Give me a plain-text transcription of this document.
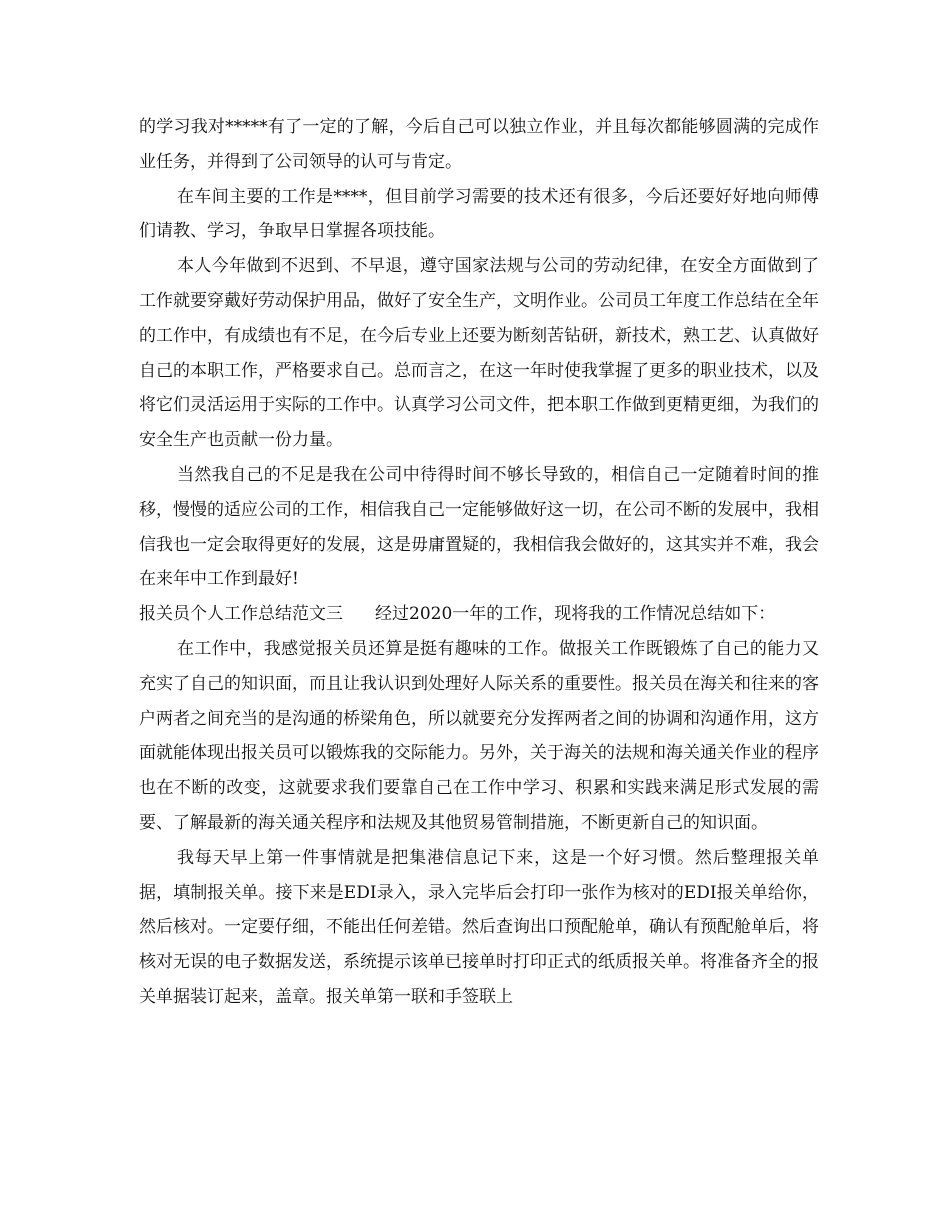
的学习我对*****有了一定的了解，今后自己可以独立作业，并且每次都能够圆满的完成作业任务，并得到了公司领导的认可与肯定。

在车间主要的工作是****，但目前学习需要的技术还有很多，今后还要好好地向师傅们请教、学习，争取早日掌握各项技能。

本人今年做到不迟到、不早退，遵守国家法规与公司的劳动纪律，在安全方面做到了工作就要穿戴好劳动保护用品，做好了安全生产，文明作业。公司员工年度工作总结在全年的工作中，有成绩也有不足，在今后专业上还要为断刻苦钻研，新技术，熟工艺、认真做好自己的本职工作，严格要求自己。总而言之，在这一年时使我掌握了更多的职业技术，以及将它们灵活运用于实际的工作中。认真学习公司文件，把本职工作做到更精更细，为我们的安全生产也贡献一份力量。

当然我自己的不足是我在公司中待得时间不够长导致的，相信自己一定随着时间的推移，慢慢的适应公司的工作，相信我自己一定能够做好这一切，在公司不断的发展中，我相信我也一定会取得更好的发展，这是毋庸置疑的，我相信我会做好的，这其实并不难，我会在来年中工作到最好!

报关员个人工作总结范文三 经过2020一年的工作，现将我的工作情况总结如下：

在工作中，我感觉报关员还算是挺有趣味的工作。做报关工作既锻炼了自己的能力又充实了自己的知识面，而且让我认识到处理好人际关系的重要性。报关员在海关和往来的客户两者之间充当的是沟通的桥梁角色，所以就要充分发挥两者之间的协调和沟通作用，这方面就能体现出报关员可以锻炼我的交际能力。另外，关于海关的法规和海关通关作业的程序也在不断的改变，这就要求我们要靠自己在工作中学习、积累和实践来满足形式发展的需要、了解最新的海关通关程序和法规及其他贸易管制措施，不断更新自己的知识面。

我每天早上第一件事情就是把集港信息记下来，这是一个好习惯。然后整理报关单据，填制报关单。接下来是EDI录入，录入完毕后会打印一张作为核对的EDI报关单给你，然后核对。一定要仔细，不能出任何差错。然后查询出口预配舱单，确认有预配舱单后，将核对无误的电子数据发送，系统提示该单已接单时打印正式的纸质报关单。将准备齐全的报关单据装订起来，盖章。报关单第一联和手签联上
